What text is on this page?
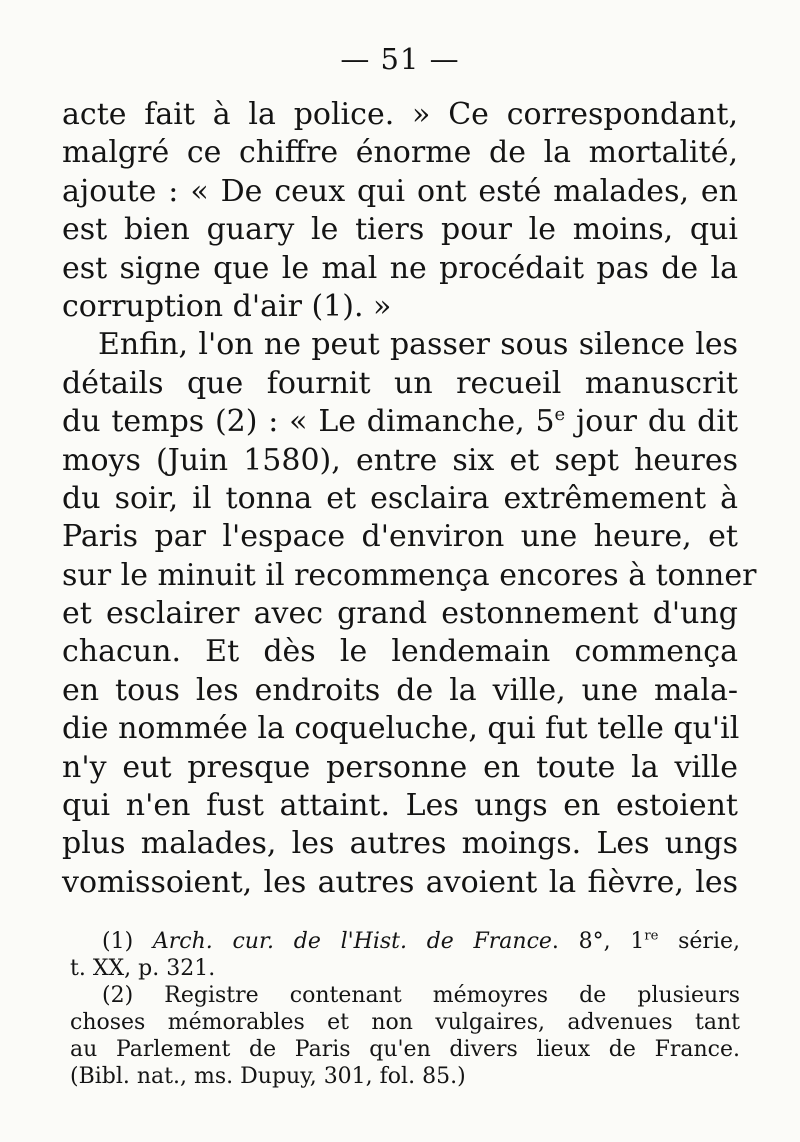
— 51 —
acte fait à la police. » Ce correspondant,
malgré ce chiffre énorme de la mortalité,
ajoute : « De ceux qui ont esté malades, en
est bien guary le tiers pour le moins, qui
est signe que le mal ne procédait pas de la
corruption d'air (1). »
Enfin, l'on ne peut passer sous silence les
détails que fournit un recueil manuscrit
du temps (2) : « Le dimanche, 5e jour du dit
moys (Juin 1580), entre six et sept heures
du soir, il tonna et esclaira extrêmement à
Paris par l'espace d'environ une heure, et
sur le minuit il recommença encores à tonner
et esclairer avec grand estonnement d'ung
chacun. Et dès le lendemain commença
en tous les endroits de la ville, une mala-
die nommée la coqueluche, qui fut telle qu'il
n'y eut presque personne en toute la ville
qui n'en fust attaint. Les ungs en estoient
plus malades, les autres moings. Les ungs
vomissoient, les autres avoient la fièvre, les
(1) Arch. cur. de l'Hist. de France. 8°, 1re série,
t. XX, p. 321.
(2) Registre contenant mémoyres de plusieurs
choses mémorables et non vulgaires, advenues tant
au Parlement de Paris qu'en divers lieux de France.
(Bibl. nat., ms. Dupuy, 301, fol. 85.)
